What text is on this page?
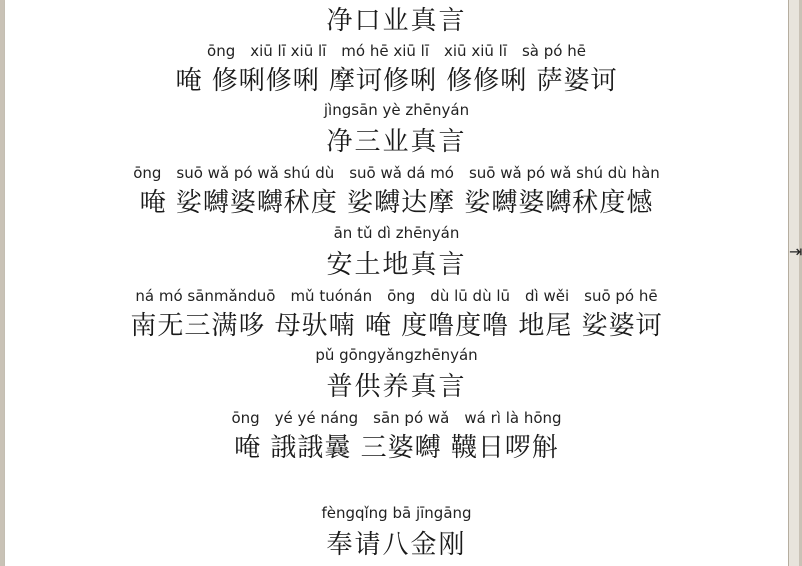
净口业真言
ōng　xiū lī xiū lī　mó hē xiū lī　xiū xiū lī　sà pó hē
唵 修唎修唎 摩诃修唎 修修唎 萨婆诃
jìngsān yè zhēnyán
净三业真言
ōng　suō wǎ pó wǎ shú dù　suō wǎ dá mó　suō wǎ pó wǎ shú dù hàn
唵 娑嚩婆嚩秫度 娑嚩达摩 娑嚩婆嚩秫度憾
ān tǔ dì zhēnyán
安土地真言
ná mó sānmǎnduō　mǔ tuónán　ōng　dù lū dù lū　dì wěi　suō pó hē
南无三满哆 母驮喃 唵 度噜度噜 地尾 娑婆诃
pǔ gōngyǎngzhēnyán
普供养真言
ōng　yé yé náng　sān pó wǎ　wá rì là hōng
唵 誐誐曩 三婆嚩 韈日啰斛
fèngqǐng bā jīngāng
奉请八金刚
⇥
